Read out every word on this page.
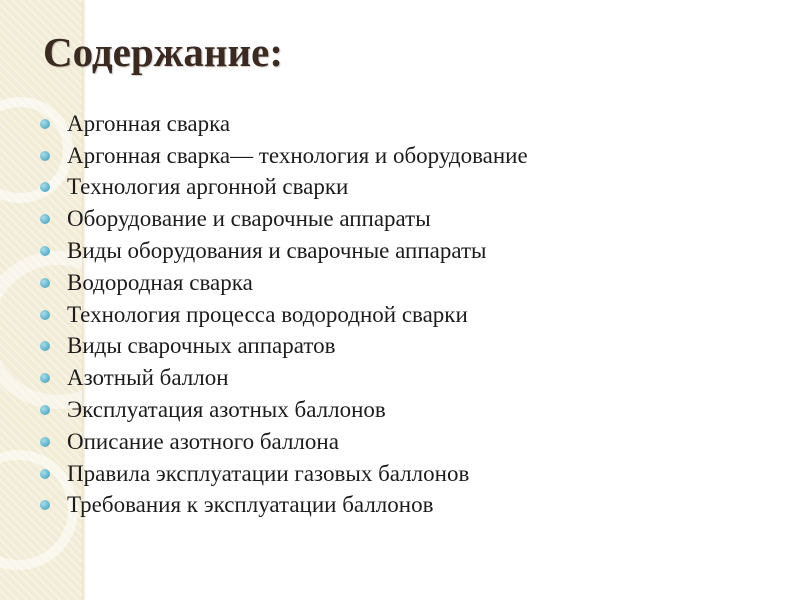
Содержание:
Аргонная сварка
Аргонная сварка— технология и оборудование
Технология аргонной сварки
Оборудование и сварочные аппараты
Виды оборудования и сварочные аппараты
Водородная сварка
Технология процесса водородной сварки
Виды сварочных аппаратов
Азотный баллон
Эксплуатация азотных баллонов
Описание азотного баллона
Правила эксплуатации газовых баллонов
Требования к эксплуатации баллонов
